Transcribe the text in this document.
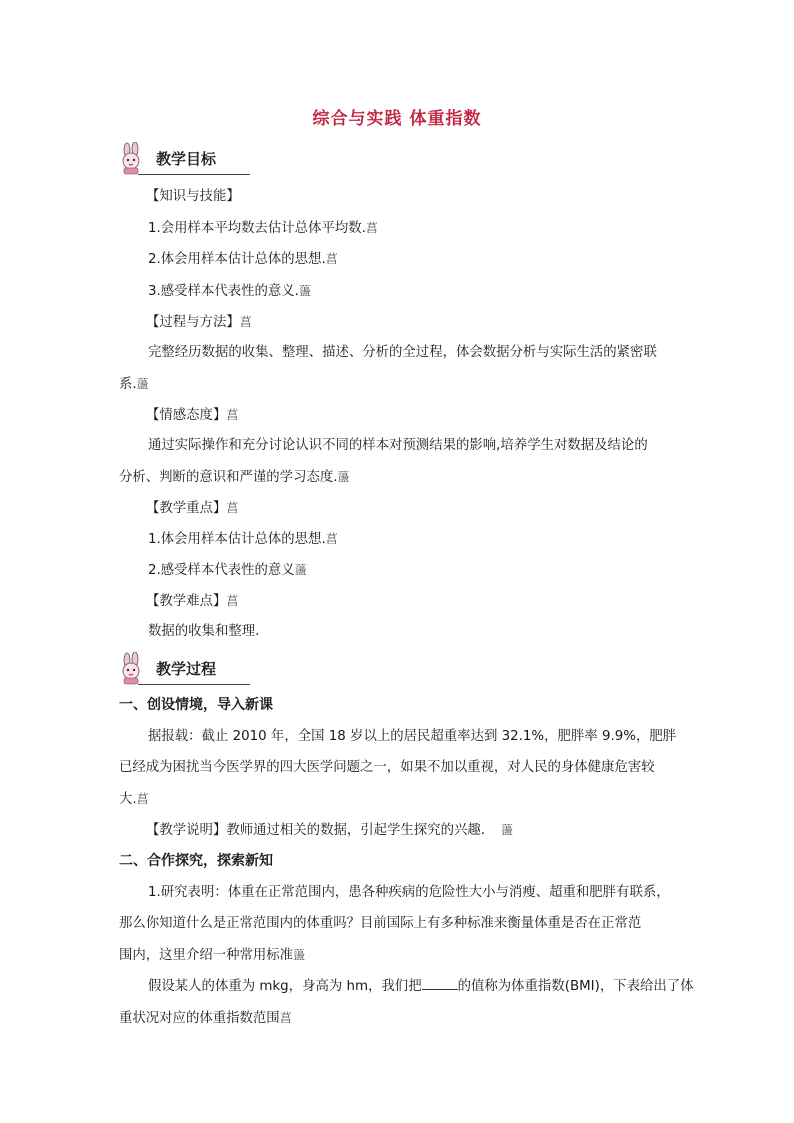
综合与实践 体重指数
教学目标
【知识与技能】
1.会用样本平均数去估计总体平均数.菖
2.体会用样本估计总体的思想.菖
3.感受样本代表性的意义.蘯
【过程与方法】菖
完整经历数据的收集、整理、描述、分析的全过程，体会数据分析与实际生活的紧密联
系.蘯
【情感态度】菖
通过实际操作和充分讨论认识不同的样本对预测结果的影响,培养学生对数据及结论的
分析、判断的意识和严谨的学习态度.蘯
【教学重点】菖
1.体会用样本估计总体的思想.菖
2.感受样本代表性的意义蘯
【教学难点】菖
数据的收集和整理.
教学过程
一、创设情境，导入新课
据报载：截止 2010 年，全国 18 岁以上的居民超重率达到 32.1%，肥胖率 9.9%，肥胖
已经成为困扰当今医学界的四大医学问题之一，如果不加以重视，对人民的身体健康危害较
大.菖
【教学说明】教师通过相关的数据，引起学生探究的兴趣. 蘯
二、合作探究，探索新知
1.研究表明：体重在正常范围内，患各种疾病的危险性大小与消瘦、超重和肥胖有联系，
那么你知道什么是正常范围内的体重吗？目前国际上有多种标准来衡量体重是否在正常范
围内，这里介绍一种常用标准蘯
假设某人的体重为 mkg，身高为 hm，我们把	的值称为体重指数(BMI)，下表给出了体
重状况对应的体重指数范围菖
